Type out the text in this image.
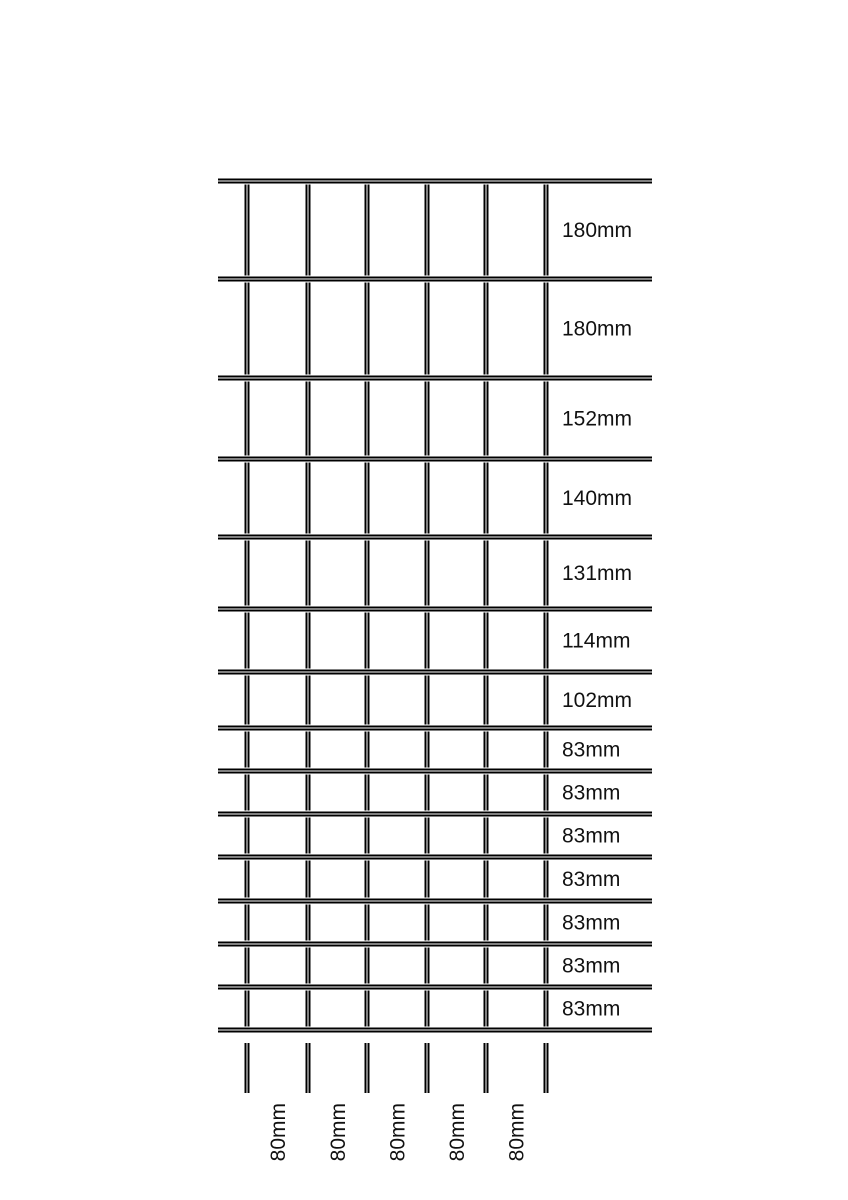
180mm
180mm
152mm
140mm
131mm
114mm
102mm
83mm
83mm
83mm
83mm
83mm
83mm
83mm
80mm 80mm 80mm 80mm 80mm
